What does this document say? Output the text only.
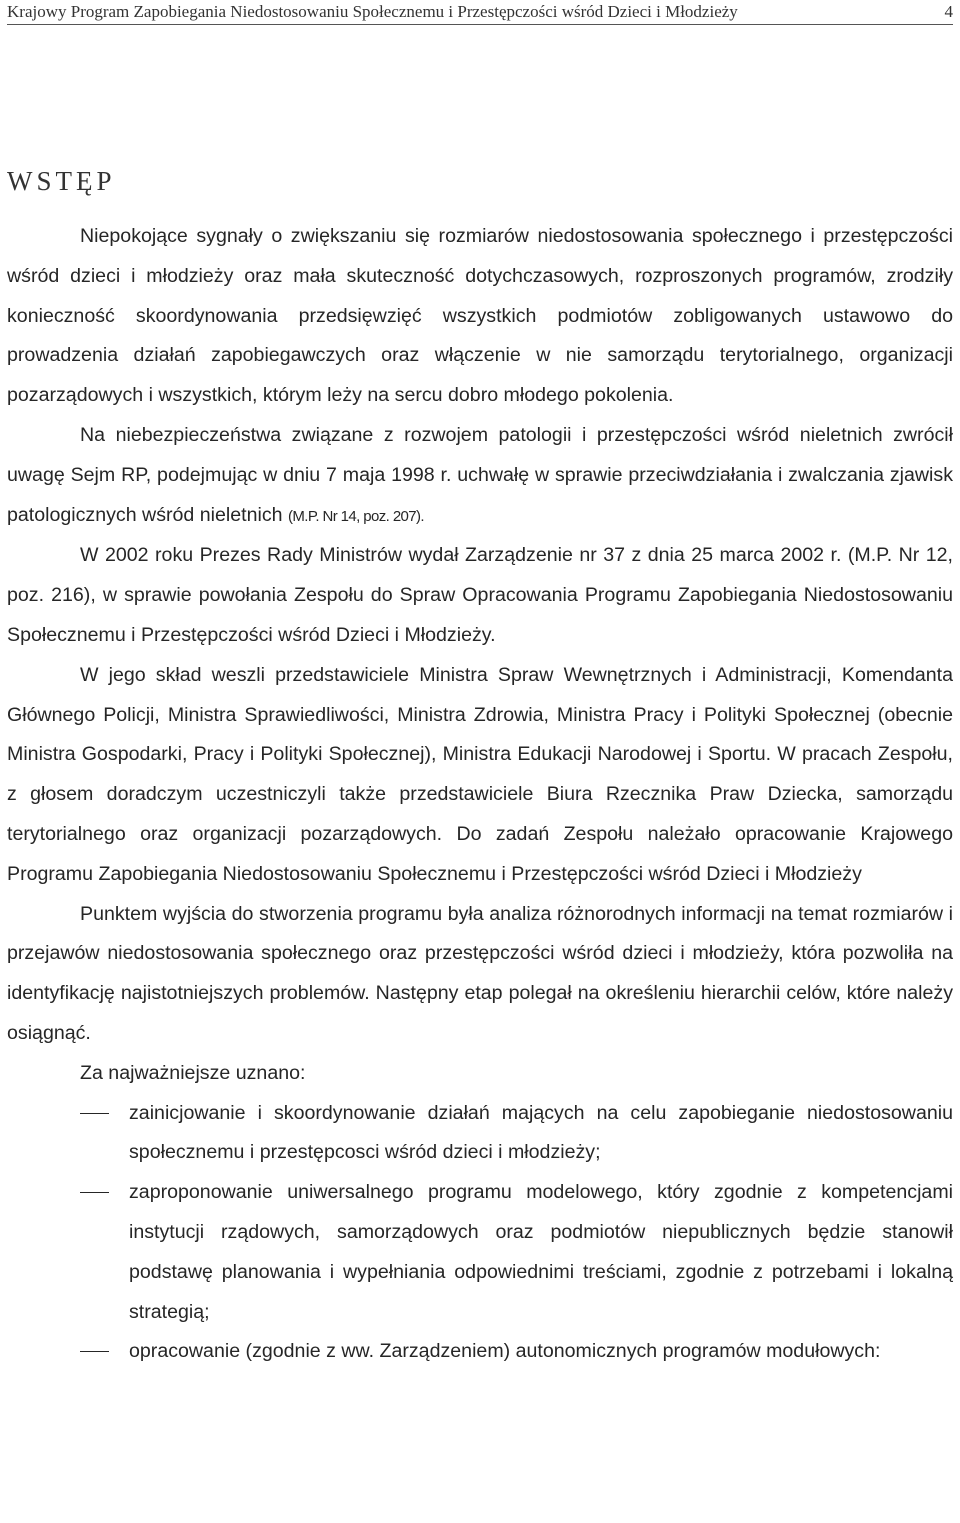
Krajowy Program Zapobiegania Niedostosowaniu Społecznemu i Przestępczości wśród Dzieci i Młodzieży	4
WSTĘP

Niepokojące sygnały o zwiększaniu się rozmiarów niedostosowania społecznego i przestępczości wśród dzieci i młodzieży oraz mała skuteczność dotychczasowych, rozproszonych programów, zrodziły konieczność skoordynowania przedsięwzięć wszystkich podmiotów zobligowanych ustawowo do prowadzenia działań zapobiegawczych oraz włączenie w nie samorządu terytorialnego, organizacji pozarządowych i wszystkich, którym leży na sercu dobro młodego pokolenia.

Na niebezpieczeństwa związane z rozwojem patologii i przestępczości wśród nieletnich zwrócił uwagę Sejm RP, podejmując w dniu 7 maja 1998 r. uchwałę w sprawie przeciwdziałania i zwalczania zjawisk patologicznych wśród nieletnich (M.P. Nr 14, poz. 207).

W 2002 roku Prezes Rady Ministrów wydał Zarządzenie nr 37 z dnia 25 marca 2002 r. (M.P. Nr 12, poz. 216), w sprawie powołania Zespołu do Spraw Opracowania Programu Zapobiegania Niedostosowaniu Społecznemu i Przestępczości wśród Dzieci i Młodzieży.

W jego skład weszli przedstawiciele Ministra Spraw Wewnętrznych i Administracji, Komendanta Głównego Policji, Ministra Sprawiedliwości, Ministra Zdrowia, Ministra Pracy i Polityki Społecznej (obecnie Ministra Gospodarki, Pracy i Polityki Społecznej), Ministra Edukacji Narodowej i Sportu. W pracach Zespołu, z głosem doradczym uczestniczyli także przedstawiciele Biura Rzecznika Praw Dziecka, samorządu terytorialnego oraz organizacji pozarządowych. Do zadań Zespołu należało opracowanie Krajowego Programu Zapobiegania Niedostosowaniu Społecznemu i Przestępczości wśród Dzieci i Młodzieży

Punktem wyjścia do stworzenia programu była analiza różnorodnych informacji na temat rozmiarów i przejawów niedostosowania społecznego oraz przestępczości wśród dzieci i młodzieży, która pozwoliła na identyfikację najistotniejszych problemów. Następny etap polegał na określeniu hierarchii celów, które należy osiągnąć.

Za najważniejsze uznano:

zainicjowanie i skoordynowanie działań mających na celu zapobieganie niedostosowaniu społecznemu i przestępcosci wśród dzieci i młodzieży;
zaproponowanie uniwersalnego programu modelowego, który zgodnie z kompetencjami instytucji rządowych, samorządowych oraz podmiotów niepublicznych będzie stanowił podstawę planowania i wypełniania odpowiednimi treściami, zgodnie z potrzebami i lokalną strategią;
opracowanie (zgodnie z ww. Zarządzeniem) autonomicznych programów modułowych:
